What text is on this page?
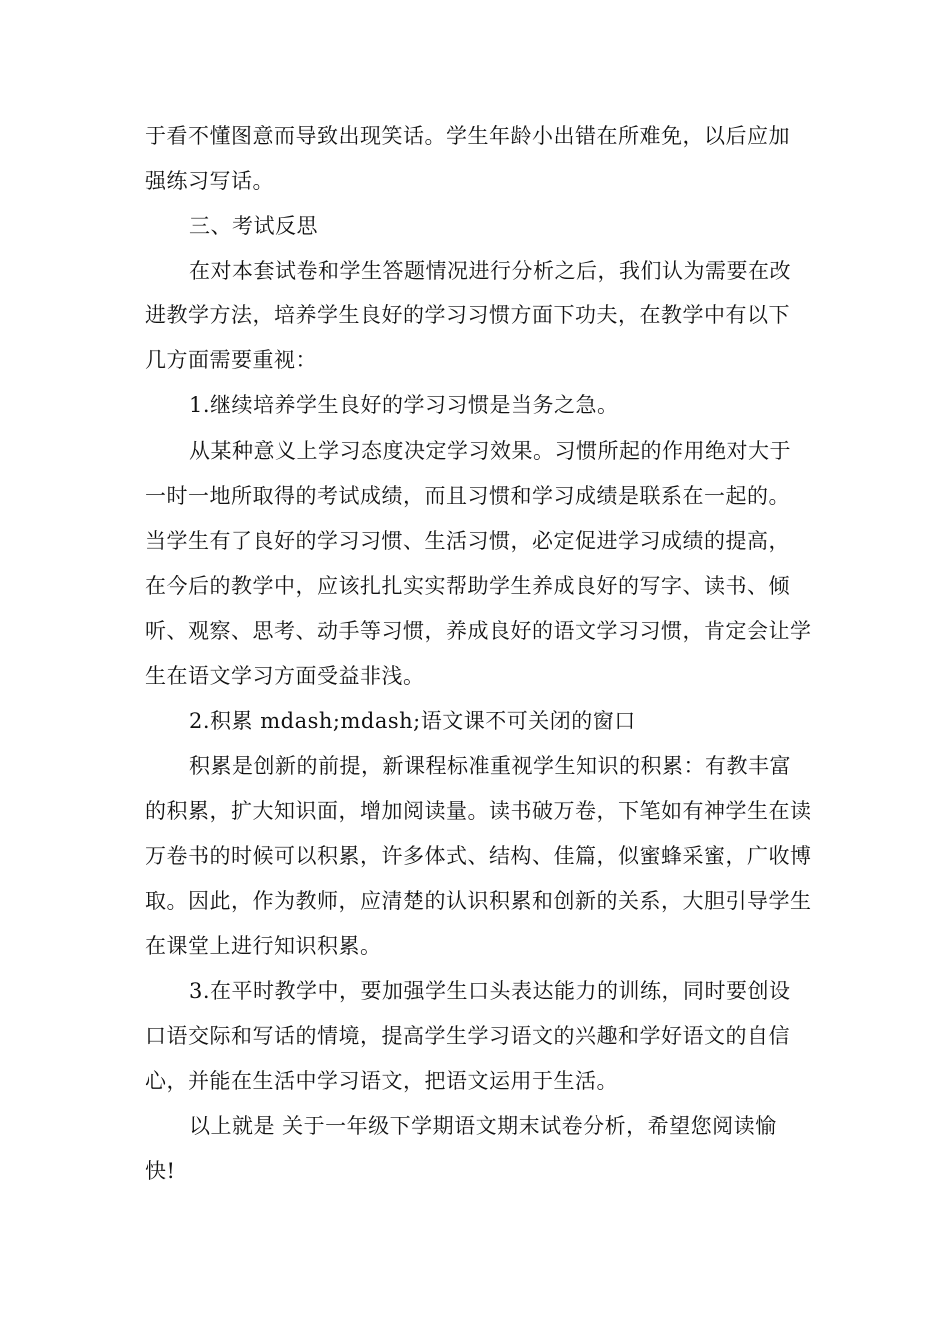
于看不懂图意而导致出现笑话。学生年龄小出错在所难免，以后应加
强练习写话。
三、考试反思
在对本套试卷和学生答题情况进行分析之后，我们认为需要在改
进教学方法，培养学生良好的学习习惯方面下功夫，在教学中有以下
几方面需要重视：
1.继续培养学生良好的学习习惯是当务之急。
从某种意义上学习态度决定学习效果。习惯所起的作用绝对大于
一时一地所取得的考试成绩，而且习惯和学习成绩是联系在一起的。
当学生有了良好的学习习惯、生活习惯，必定促进学习成绩的提高，
在今后的教学中，应该扎扎实实帮助学生养成良好的写字、读书、倾
听、观察、思考、动手等习惯，养成良好的语文学习习惯，肯定会让学
生在语文学习方面受益非浅。
2.积累 mdash;mdash;语文课不可关闭的窗口
积累是创新的前提，新课程标准重视学生知识的积累：有教丰富
的积累，扩大知识面，增加阅读量。读书破万卷，下笔如有神学生在读
万卷书的时候可以积累，许多体式、结构、佳篇，似蜜蜂采蜜，广收博
取。因此，作为教师，应清楚的认识积累和创新的关系，大胆引导学生
在课堂上进行知识积累。
3.在平时教学中，要加强学生口头表达能力的训练，同时要创设
口语交际和写话的情境，提高学生学习语文的兴趣和学好语文的自信
心，并能在生活中学习语文，把语文运用于生活。
以上就是 关于一年级下学期语文期末试卷分析，希望您阅读愉
快!
